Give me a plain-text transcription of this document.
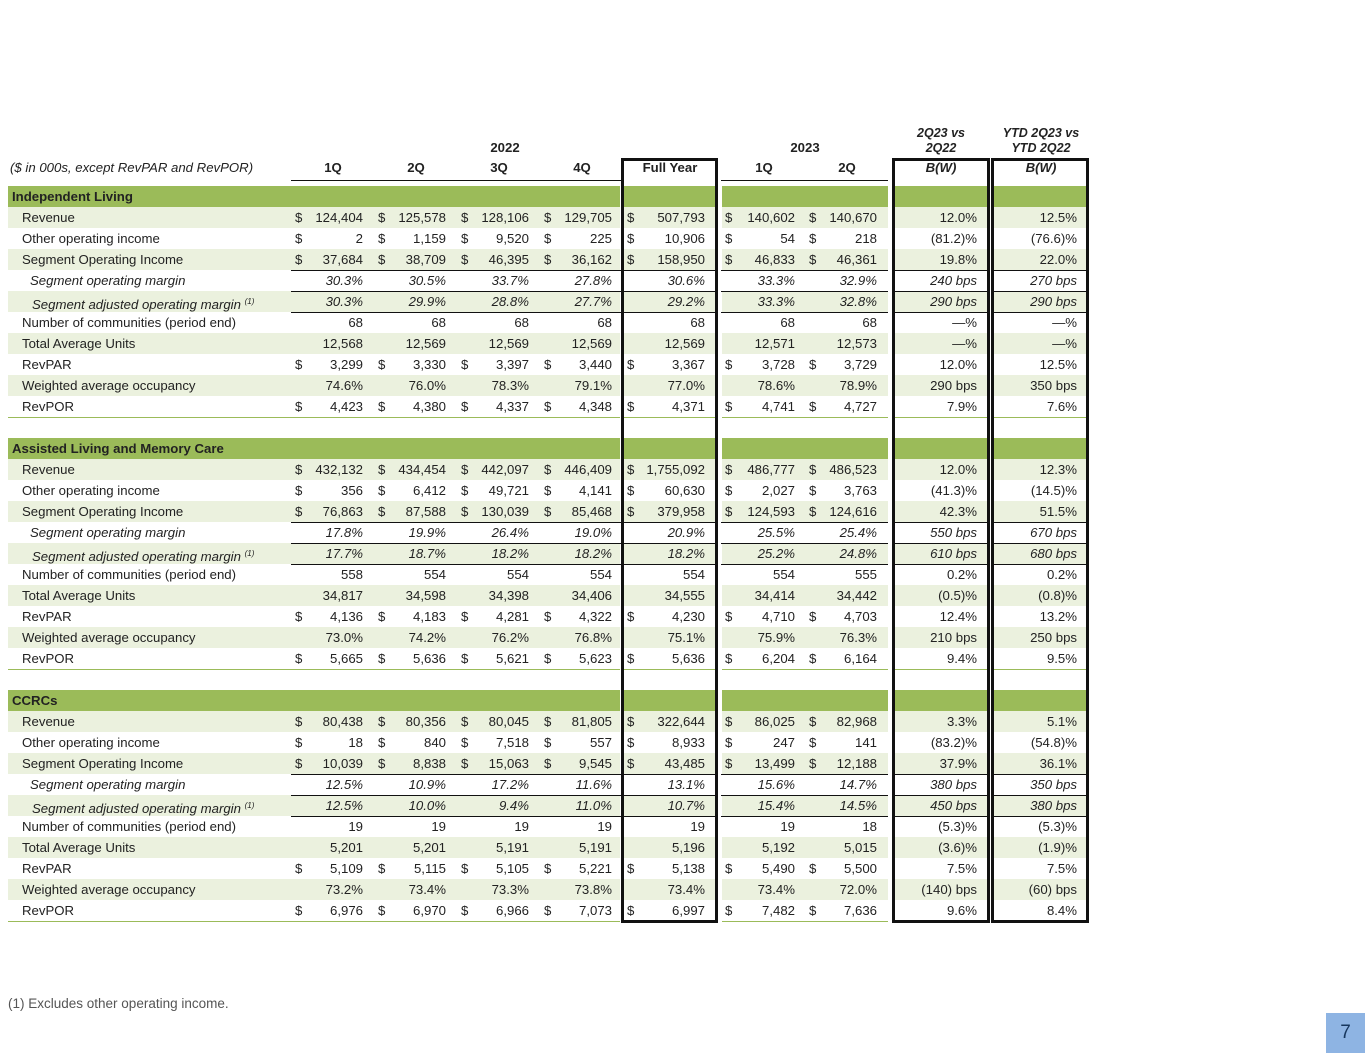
($ in 000s, except RevPAR and RevPOR)
2022	2023
2Q23 vs
2Q22
YTD 2Q23 vs
YTD 2Q22
1Q	2Q	3Q	4Q	Full Year	1Q	2Q	B(W)	B(W)
Independent Living
Revenue	$ 124,404 $ 125,578 $ 128,106 $ 129,705 $	507,793 $	140,602 $ 140,670	12.0%	12.5%
Other operating income	$	2 $	1,159 $	9,520 $	225 $	10,906 $	54 $	218	(81.2)%	(76.6)%
Segment Operating Income	$	37,684 $	38,709 $	46,395 $	36,162 $	158,950 $	46,833 $	46,361	19.8%	22.0%
Segment operating margin	30.3%	30.5%	33.7%	27.8%	30.6%	33.3%	32.9%	240 bps	270 bps
Segment adjusted operating margin $^{(1)}$	30.3%	29.9%	28.8%	27.7%	29.2%	33.3%	32.8%	290 bps	290 bps
Number of communities (period end)	68	68	68	68	68	68	68	—%	—%
Total Average Units	12,568	12,569	12,569	12,569	12,569	12,571	12,573	—%	—%
RevPAR	$	3,299 $	3,330 $	3,397 $	3,440 $	3,367 $	3,728 $	3,729	12.0%	12.5%
Weighted average occupancy	74.6%	76.0%	78.3%	79.1%	77.0%	78.6%	78.9%	290 bps	350 bps
RevPOR	$	4,423 $	4,380 $	4,337 $	4,348 $	4,371 $	4,741 $	4,727	7.9%	7.6%
Assisted Living and Memory Care
Revenue	$ 432,132 $ 434,454 $ 442,097 $ 446,409 $ 1,755,092 $	486,777 $ 486,523	12.0%	12.3%
Other operating income	$	356 $	6,412 $	49,721 $	4,141 $	60,630 $	2,027 $	3,763	(41.3)%	(14.5)%
Segment Operating Income	$	76,863 $	87,588 $ 130,039 $	85,468 $	379,958 $	124,593 $ 124,616	42.3%	51.5%
Segment operating margin	17.8%	19.9%	26.4%	19.0%	20.9%	25.5%	25.4%	550 bps	670 bps
Segment adjusted operating margin $^{(1)}$	17.7%	18.7%	18.2%	18.2%	18.2%	25.2%	24.8%	610 bps	680 bps
Number of communities (period end)	558	554	554	554	554	554	555	0.2%	0.2%
Total Average Units	34,817	34,598	34,398	34,406	34,555	34,414	34,442	(0.5)%	(0.8)%
RevPAR	$	4,136 $	4,183 $	4,281 $	4,322 $	4,230 $	4,710 $	4,703	12.4%	13.2%
Weighted average occupancy	73.0%	74.2%	76.2%	76.8%	75.1%	75.9%	76.3%	210 bps	250 bps
RevPOR	$	5,665 $	5,636 $	5,621 $	5,623 $	5,636 $	6,204 $	6,164	9.4%	9.5%
CCRCs
Revenue	$	80,438 $	80,356 $	80,045 $	81,805 $	322,644 $	86,025 $	82,968	3.3%	5.1%
Other operating income	$	18 $	840 $	7,518 $	557 $	8,933 $	247 $	141	(83.2)%	(54.8)%
Segment Operating Income	$	10,039 $	8,838 $	15,063 $	9,545 $	43,485 $	13,499 $	12,188	37.9%	36.1%
Segment operating margin	12.5%	10.9%	17.2%	11.6%	13.1%	15.6%	14.7%	380 bps	350 bps
Segment adjusted operating margin $^{(1)}$	12.5%	10.0%	9.4%	11.0%	10.7%	15.4%	14.5%	450 bps	380 bps
Number of communities (period end)	19	19	19	19	19	19	18	(5.3)%	(5.3)%
Total Average Units	5,201	5,201	5,191	5,191	5,196	5,192	5,015	(3.6)%	(1.9)%
RevPAR	$	5,109 $	5,115 $	5,105 $	5,221 $	5,138 $	5,490 $	5,500	7.5%	7.5%
Weighted average occupancy	73.2%	73.4%	73.3%	73.8%	73.4%	73.4%	72.0%	(140) bps	(60) bps
RevPOR	$	6,976 $	6,970 $	6,966 $	7,073 $	6,997 $	7,482 $	7,636	9.6%	8.4%
(1) Excludes other operating income.
7
